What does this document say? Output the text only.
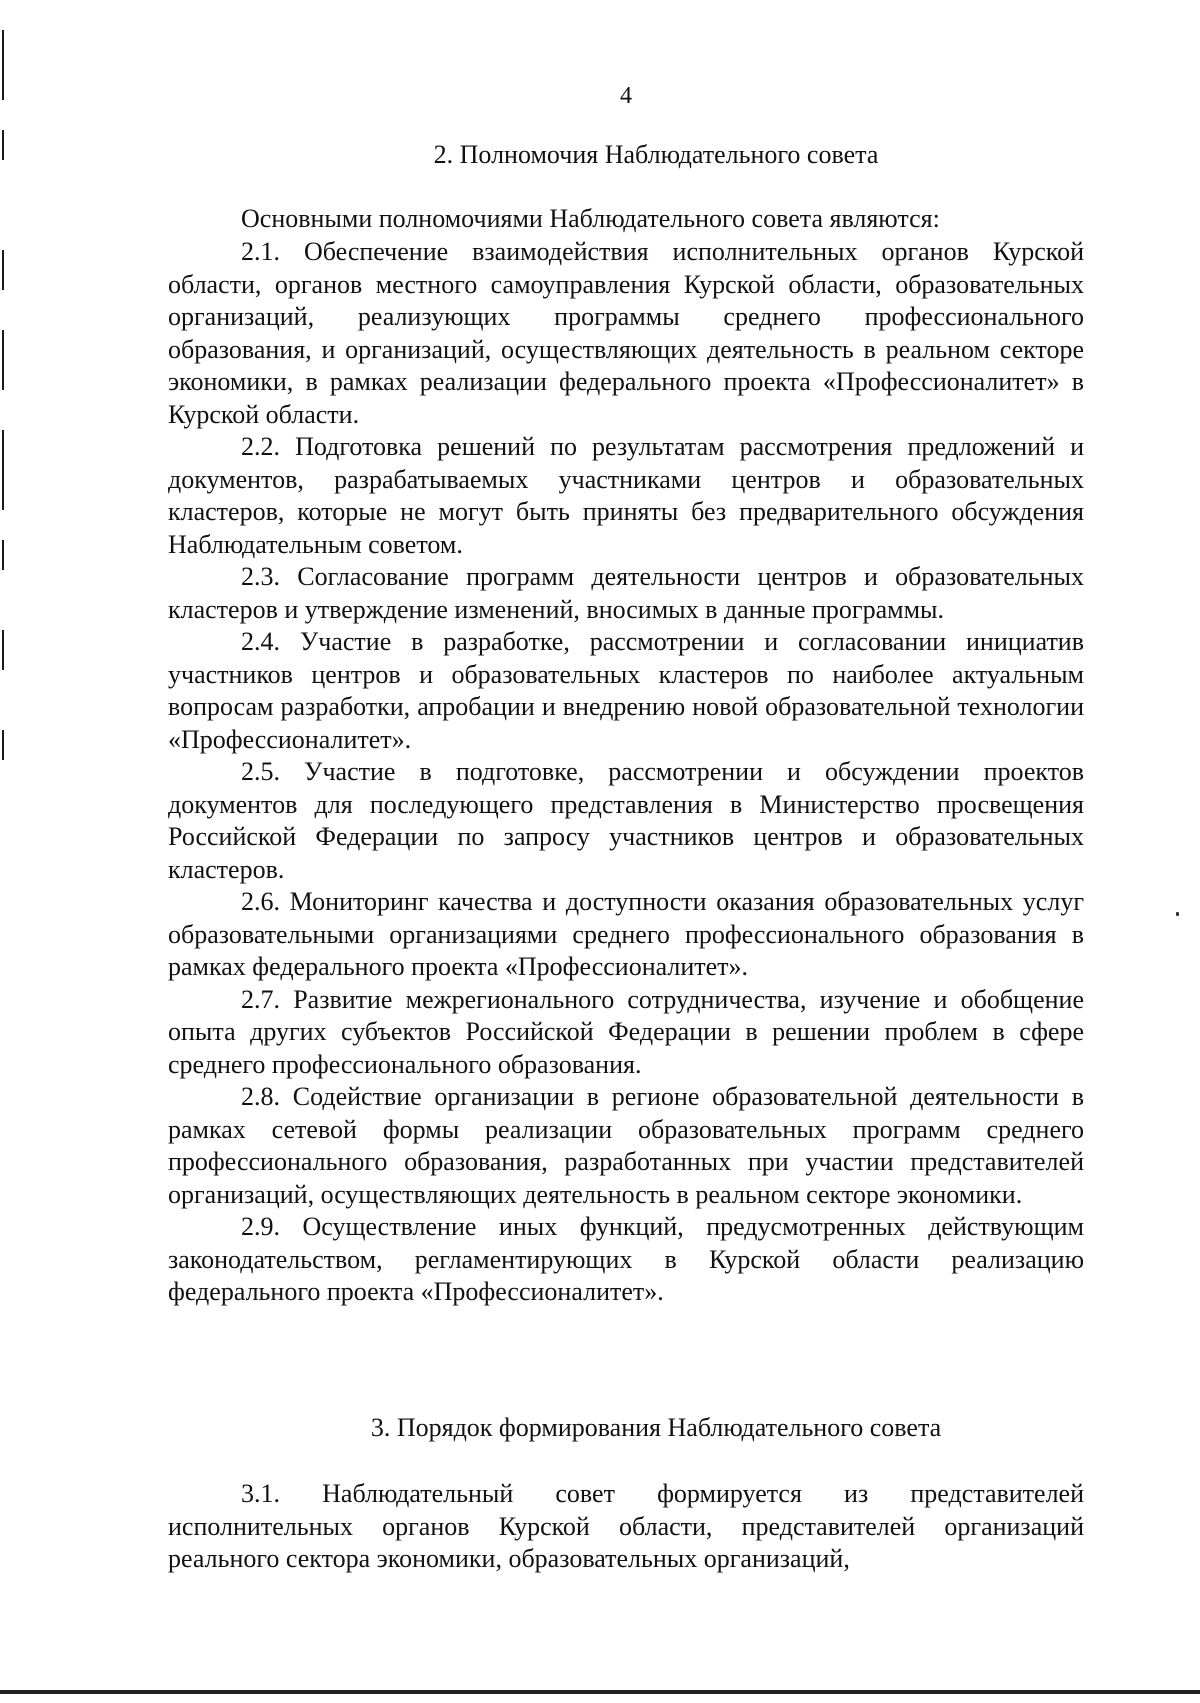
4
2. Полномочия Наблюдательного совета
Основными полномочиями Наблюдательного совета являются:

2.1. Обеспечение взаимодействия исполнительных органов Курской области, органов местного самоуправления Курской области, образовательных организаций, реализующих программы среднего профессионального образования, и организаций, осуществляющих деятельность в реальном секторе экономики, в рамках реализации федерального проекта «Профессионалитет» в Курской области.

2.2. Подготовка решений по результатам рассмотрения предложений и документов, разрабатываемых участниками центров и образовательных кластеров, которые не могут быть приняты без предварительного обсуждения Наблюдательным советом.

2.3. Согласование программ деятельности центров и образовательных кластеров и утверждение изменений, вносимых в данные программы.

2.4. Участие в разработке, рассмотрении и согласовании инициатив участников центров и образовательных кластеров по наиболее актуальным вопросам разработки, апробации и внедрению новой образовательной технологии «Профессионалитет».

2.5. Участие в подготовке, рассмотрении и обсуждении проектов документов для последующего представления в Министерство просвещения Российской Федерации по запросу участников центров и образовательных кластеров.

2.6. Мониторинг качества и доступности оказания образовательных услуг образовательными организациями среднего профессионального образования в рамках федерального проекта «Профессионалитет».

2.7. Развитие межрегионального сотрудничества, изучение и обобщение опыта других субъектов Российской Федерации в решении проблем в сфере среднего профессионального образования.

2.8. Содействие организации в регионе образовательной деятельности в рамках сетевой формы реализации образовательных программ среднего профессионального образования, разработанных при участии представителей организаций, осуществляющих деятельность в реальном секторе экономики.

2.9. Осуществление иных функций, предусмотренных действующим законодательством, регламентирующих в Курской области реализацию федерального проекта «Профессионалитет».

3. Порядок формирования Наблюдательного совета

3.1. Наблюдательный совет формируется из представителей исполнительных органов Курской области, представителей организаций реального сектора экономики, образовательных организаций,
